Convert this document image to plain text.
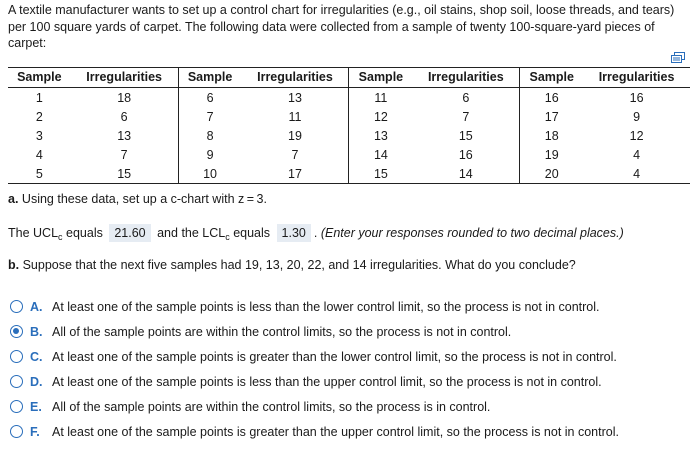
A textile manufacturer wants to set up a control chart for irregularities (e.g., oil stains, shop soil, loose threads, and tears) per 100 square yards of carpet. The following data were collected from a sample of twenty 100-square-yard pieces of carpet:
Sample	Irregularities	Sample	Irregularities	Sample	Irregularities	Sample	Irregularities
1	18	6	13	11	6	16	16
2	6	7	11	12	7	17	9
3	13	8	19	13	15	18	12
4	7	9	7	14	16	19	4
5	15	10	17	15	14	20	4
a. Using these data, set up a c-chart with z = 3.
The $UCL_c$ equals 21.60 and the $LCL_c$ equals 1.30 . (Enter your responses rounded to two decimal places.)
b. Suppose that the next five samples had 19, 13, 20, 22, and 14 irregularities. What do you conclude?
A. At least one of the sample points is less than the lower control limit, so the process is not in control.
B. All of the sample points are within the control limits, so the process is not in control.
C. At least one of the sample points is greater than the lower control limit, so the process is not in control.
D. At least one of the sample points is less than the upper control limit, so the process is not in control.
E. All of the sample points are within the control limits, so the process is in control.
F. At least one of the sample points is greater than the upper control limit, so the process is not in control.
